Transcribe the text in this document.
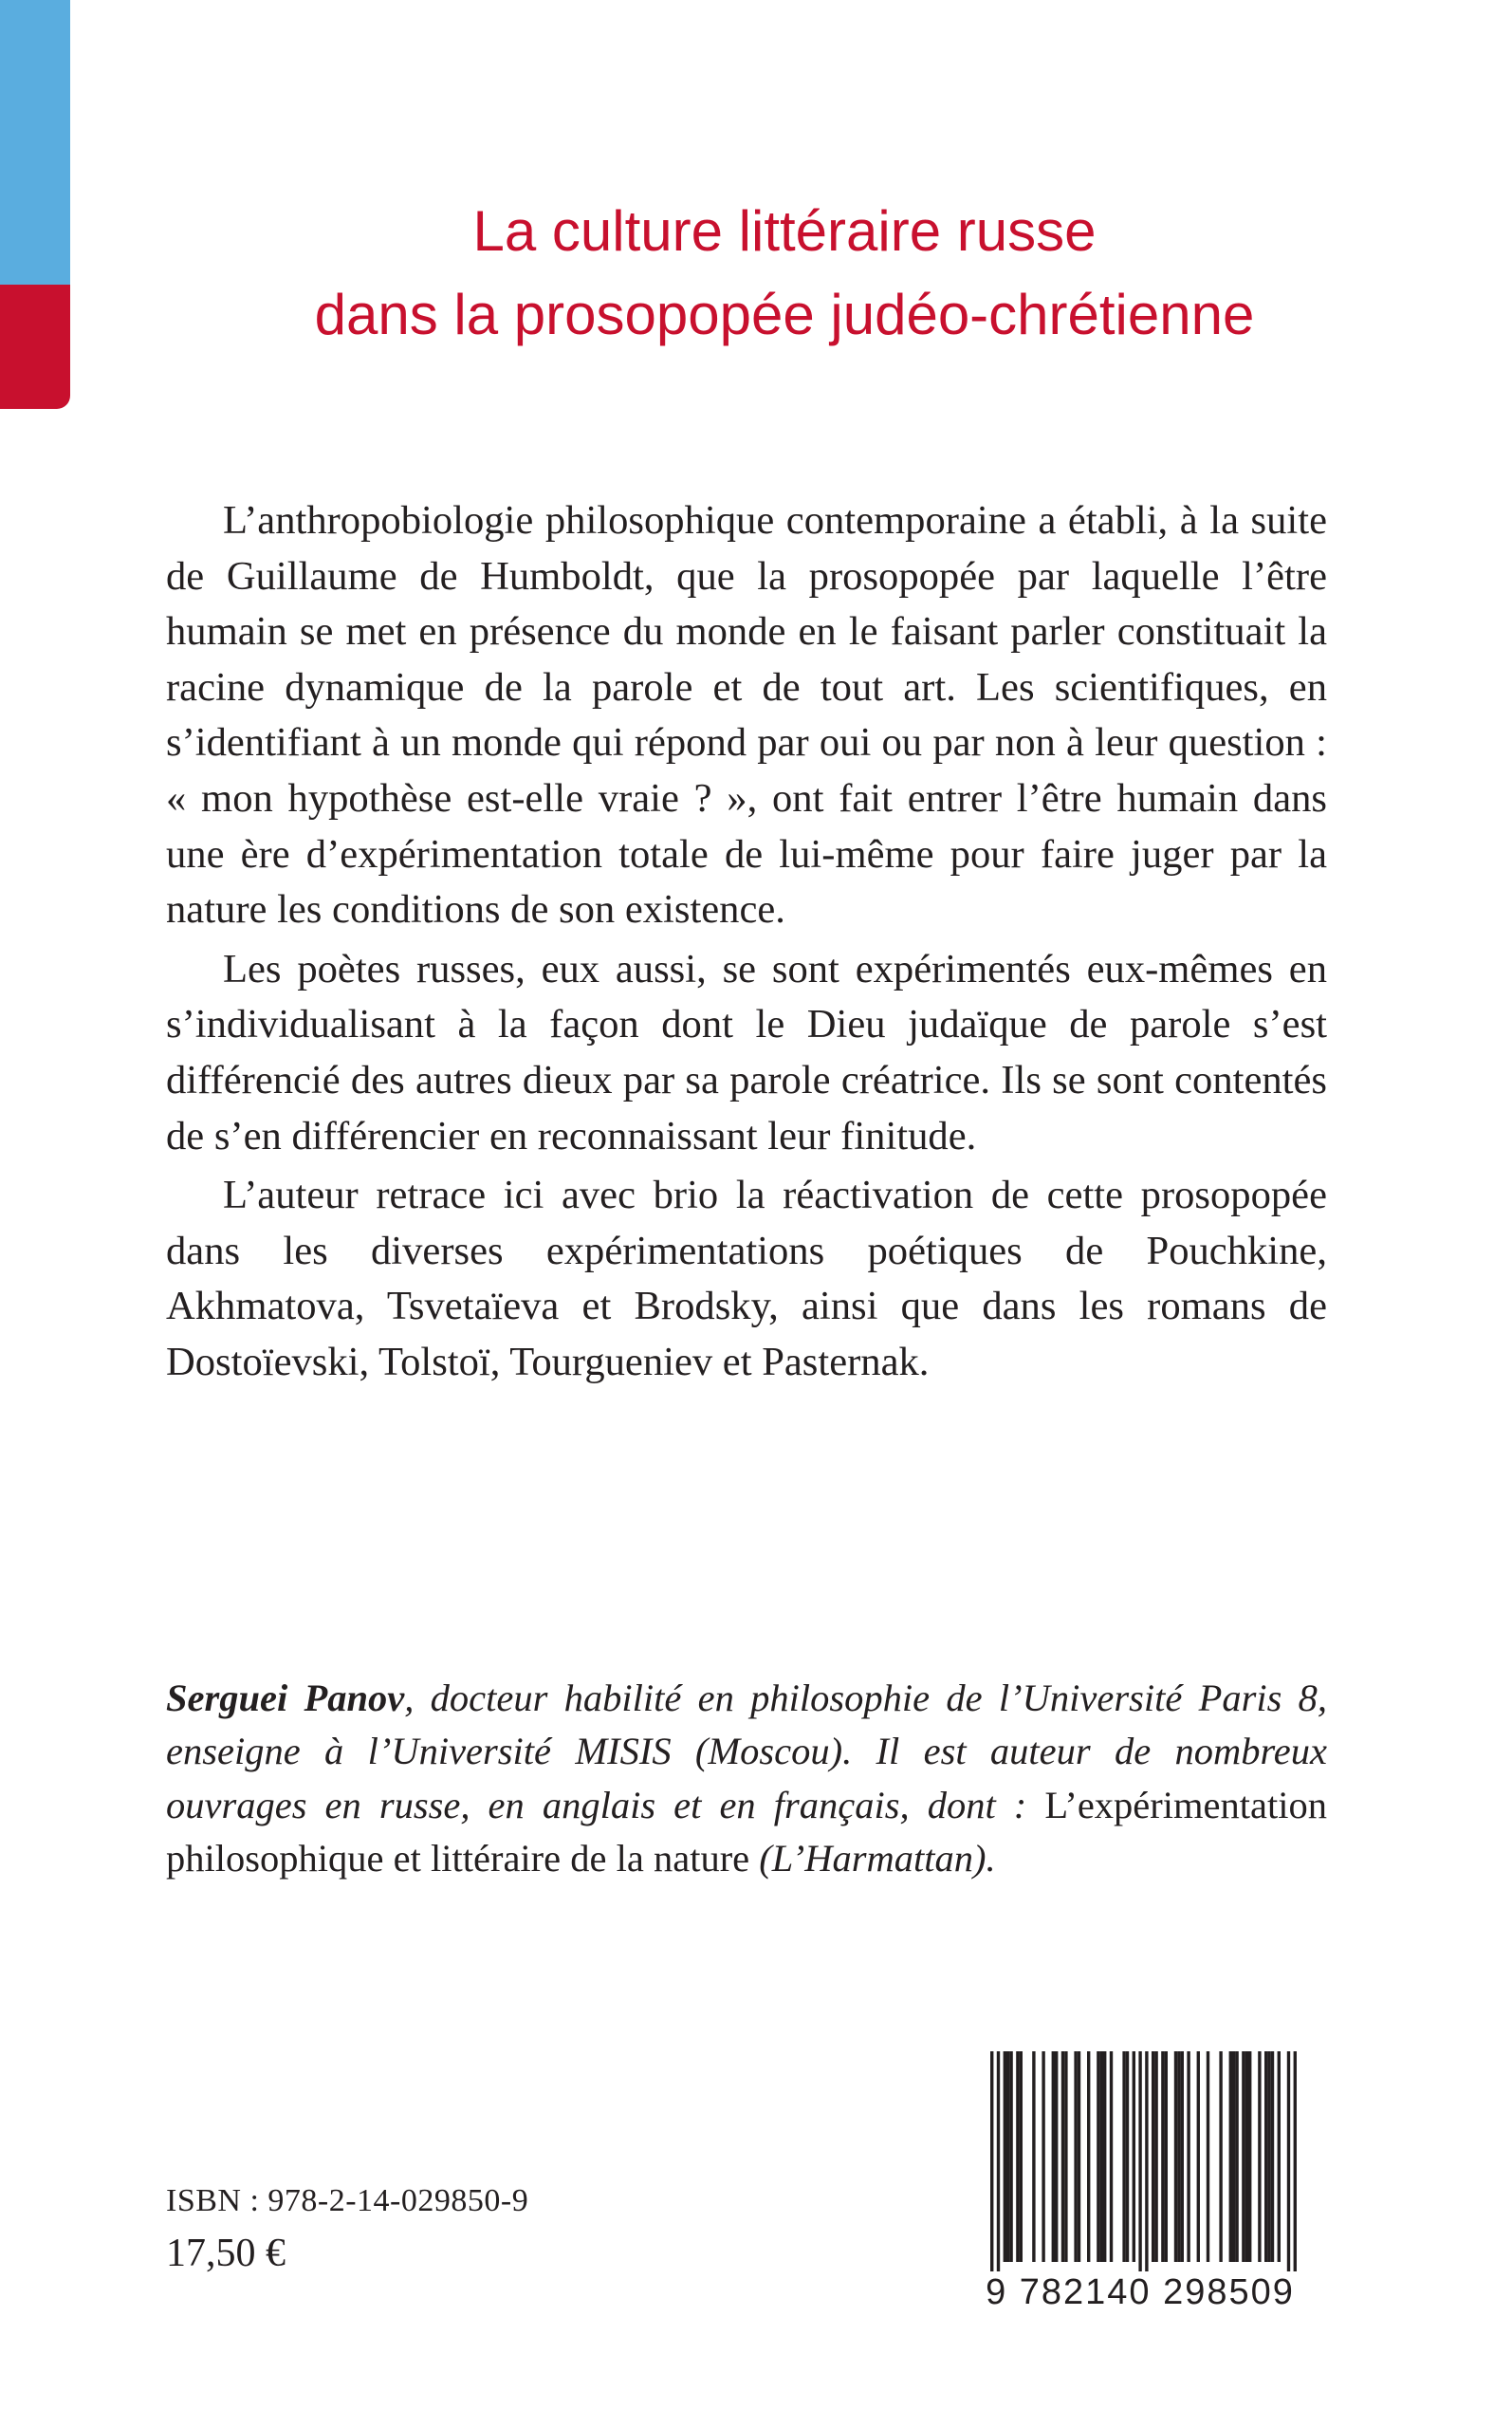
La culture littéraire russe
dans la prosopopée judéo-chrétienne

L’anthropobiologie philosophique contemporaine a établi, à la suite de Guillaume de Humboldt, que la prosopopée par laquelle l’être humain se met en présence du monde en le faisant parler constituait la racine dynamique de la parole et de tout art. Les scientifiques, en s’identifiant à un monde qui répond par oui ou par non à leur question : « mon hypothèse est-elle vraie ? », ont fait entrer l’être humain dans une ère d’expérimentation totale de lui-même pour faire juger par la nature les conditions de son existence.

Les poètes russes, eux aussi, se sont expérimentés eux-mêmes en s’individualisant à la façon dont le Dieu judaïque de parole s’est différencié des autres dieux par sa parole créatrice. Ils se sont contentés de s’en différencier en reconnaissant leur finitude.

L’auteur retrace ici avec brio la réactivation de cette prosopopée dans les diverses expérimentations poétiques de Pouchkine, Akhmatova, Tsvetaïeva et Brodsky, ainsi que dans les romans de Dostoïevski, Tolstoï, Tourgueniev et Pasternak.

Serguei Panov, docteur habilité en philosophie de l’Université Paris 8, enseigne à l’Université MISIS (Moscou). Il est auteur de nombreux ouvrages en russe, en anglais et en français, dont : L’expérimentation philosophique et littéraire de la nature (L’Harmattan).

ISBN : 978-2-14-029850-9
17,50 €
9 782140 298509
